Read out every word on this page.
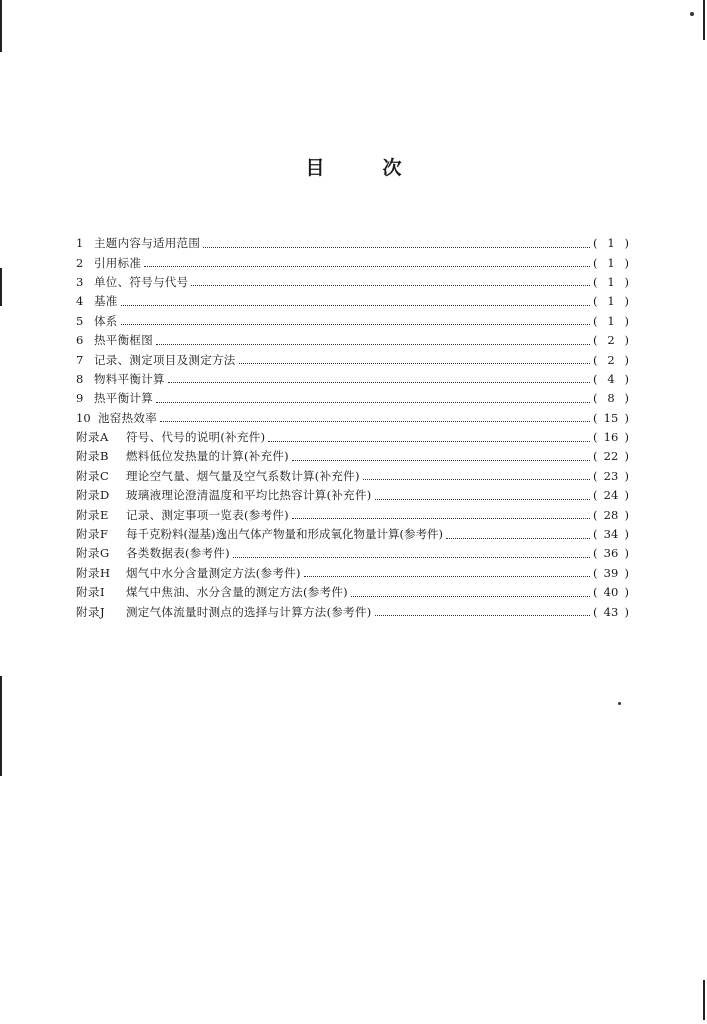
目	次
1 主题内容与适用范围	( 1 )
2 引用标准	( 1 )
3 单位、符号与代号	( 1 )
4 基准	( 1 )
5 体系	( 1 )
6 热平衡框图	( 2 )
7 记录、测定项目及测定方法	( 2 )
8 物料平衡计算	( 4 )
9 热平衡计算	( 8 )
10 池窑热效率	( 15 )
附录A	符号、代号的说明(补充件)	( 16 )
附录B	燃料低位发热量的计算(补充件)	( 22 )
附录C	理论空气量、烟气量及空气系数计算(补充件)	( 23 )
附录D	玻璃液理论澄清温度和平均比热容计算(补充件)	( 24 )
附录E	记录、测定事项一览表(参考件)	( 28 )
附录F	每千克粉料(湿基)逸出气体产物量和形成氧化物量计算(参考件)	( 34 )
附录G	各类数据表(参考件)	( 36 )
附录H	烟气中水分含量测定方法(参考件)	( 39 )
附录I	煤气中焦油、水分含量的测定方法(参考件)	( 40 )
附录J	测定气体流量时测点的选择与计算方法(参考件)	( 43 )
